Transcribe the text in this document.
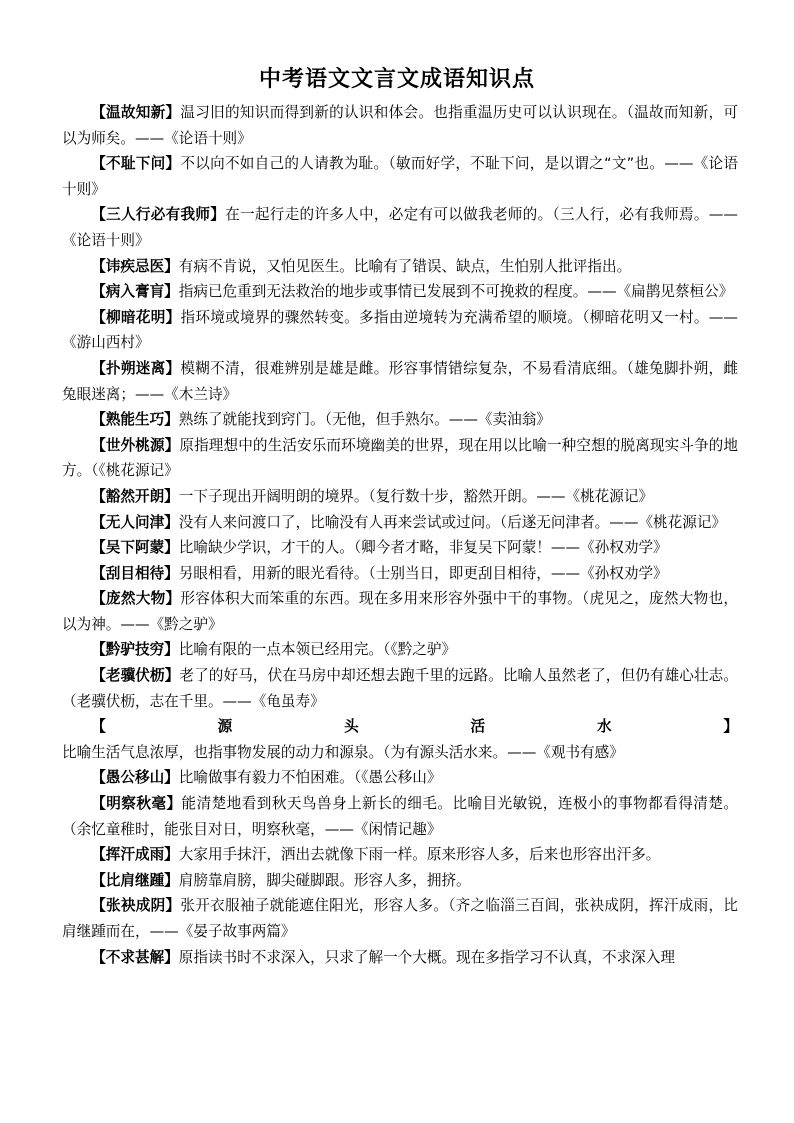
中考语文文言文成语知识点

【温故知新】温习旧的知识而得到新的认识和体会。也指重温历史可以认识现在。（温故而知新，可以为师矣。——《论语十则》

【不耻下问】不以向不如自己的人请教为耻。（敏而好学，不耻下问，是以谓之“文”也。——《论语十则》

【三人行必有我师】在一起行走的许多人中，必定有可以做我老师的。（三人行，必有我师焉。——《论语十则》

【讳疾忌医】有病不肯说，又怕见医生。比喻有了错误、缺点，生怕别人批评指出。

【病入膏肓】指病已危重到无法救治的地步或事情已发展到不可挽救的程度。——《扁鹊见蔡桓公》

【柳暗花明】指环境或境界的骤然转变。多指由逆境转为充满希望的顺境。（柳暗花明又一村。——《游山西村》

【扑朔迷离】模糊不清，很难辨别是雄是雌。形容事情错综复杂，不易看清底细。（雄兔脚扑朔，雌兔眼迷离；——《木兰诗》

【熟能生巧】熟练了就能找到窍门。（无他，但手熟尔。——《卖油翁》

【世外桃源】原指理想中的生活安乐而环境幽美的世界，现在用以比喻一种空想的脱离现实斗争的地方。（《桃花源记》

【豁然开朗】一下子现出开阔明朗的境界。（复行数十步，豁然开朗。——《桃花源记》

【无人问津】没有人来问渡口了，比喻没有人再来尝试或过问。（后遂无问津者。——《桃花源记》

【吴下阿蒙】比喻缺少学识，才干的人。（卿今者才略，非复吴下阿蒙！——《孙权劝学》

【刮目相待】另眼相看，用新的眼光看待。（士别当日，即更刮目相待，——《孙权劝学》

【庞然大物】形容体积大而笨重的东西。现在多用来形容外强中干的事物。（虎见之，庞然大物也，以为神。——《黔之驴》

【黔驴技穷】比喻有限的一点本领已经用完。（《黔之驴》

【老骥伏枥】老了的好马，伏在马房中却还想去跑千里的远路。比喻人虽然老了，但仍有雄心壮志。（老骥伏枥，志在千里。——《龟虽寿》

【源头活水】比喻生活气息浓厚，也指事物发展的动力和源泉。（为有源头活水来。——《观书有感》

【愚公移山】比喻做事有毅力不怕困难。（《愚公移山》

【明察秋毫】能清楚地看到秋天鸟兽身上新长的细毛。比喻目光敏锐，连极小的事物都看得清楚。（余忆童稚时，能张目对日，明察秋毫，——《闲情记趣》

【挥汗成雨】大家用手抹汗，洒出去就像下雨一样。原来形容人多，后来也形容出汗多。

【比肩继踵】肩膀靠肩膀，脚尖碰脚跟。形容人多，拥挤。

【张袂成阴】张开衣服袖子就能遮住阳光，形容人多。（齐之临淄三百闾，张袂成阴，挥汗成雨，比肩继踵而在，——《晏子故事两篇》

【不求甚解】原指读书时不求深入，只求了解一个大概。现在多指学习不认真，不求深入理
